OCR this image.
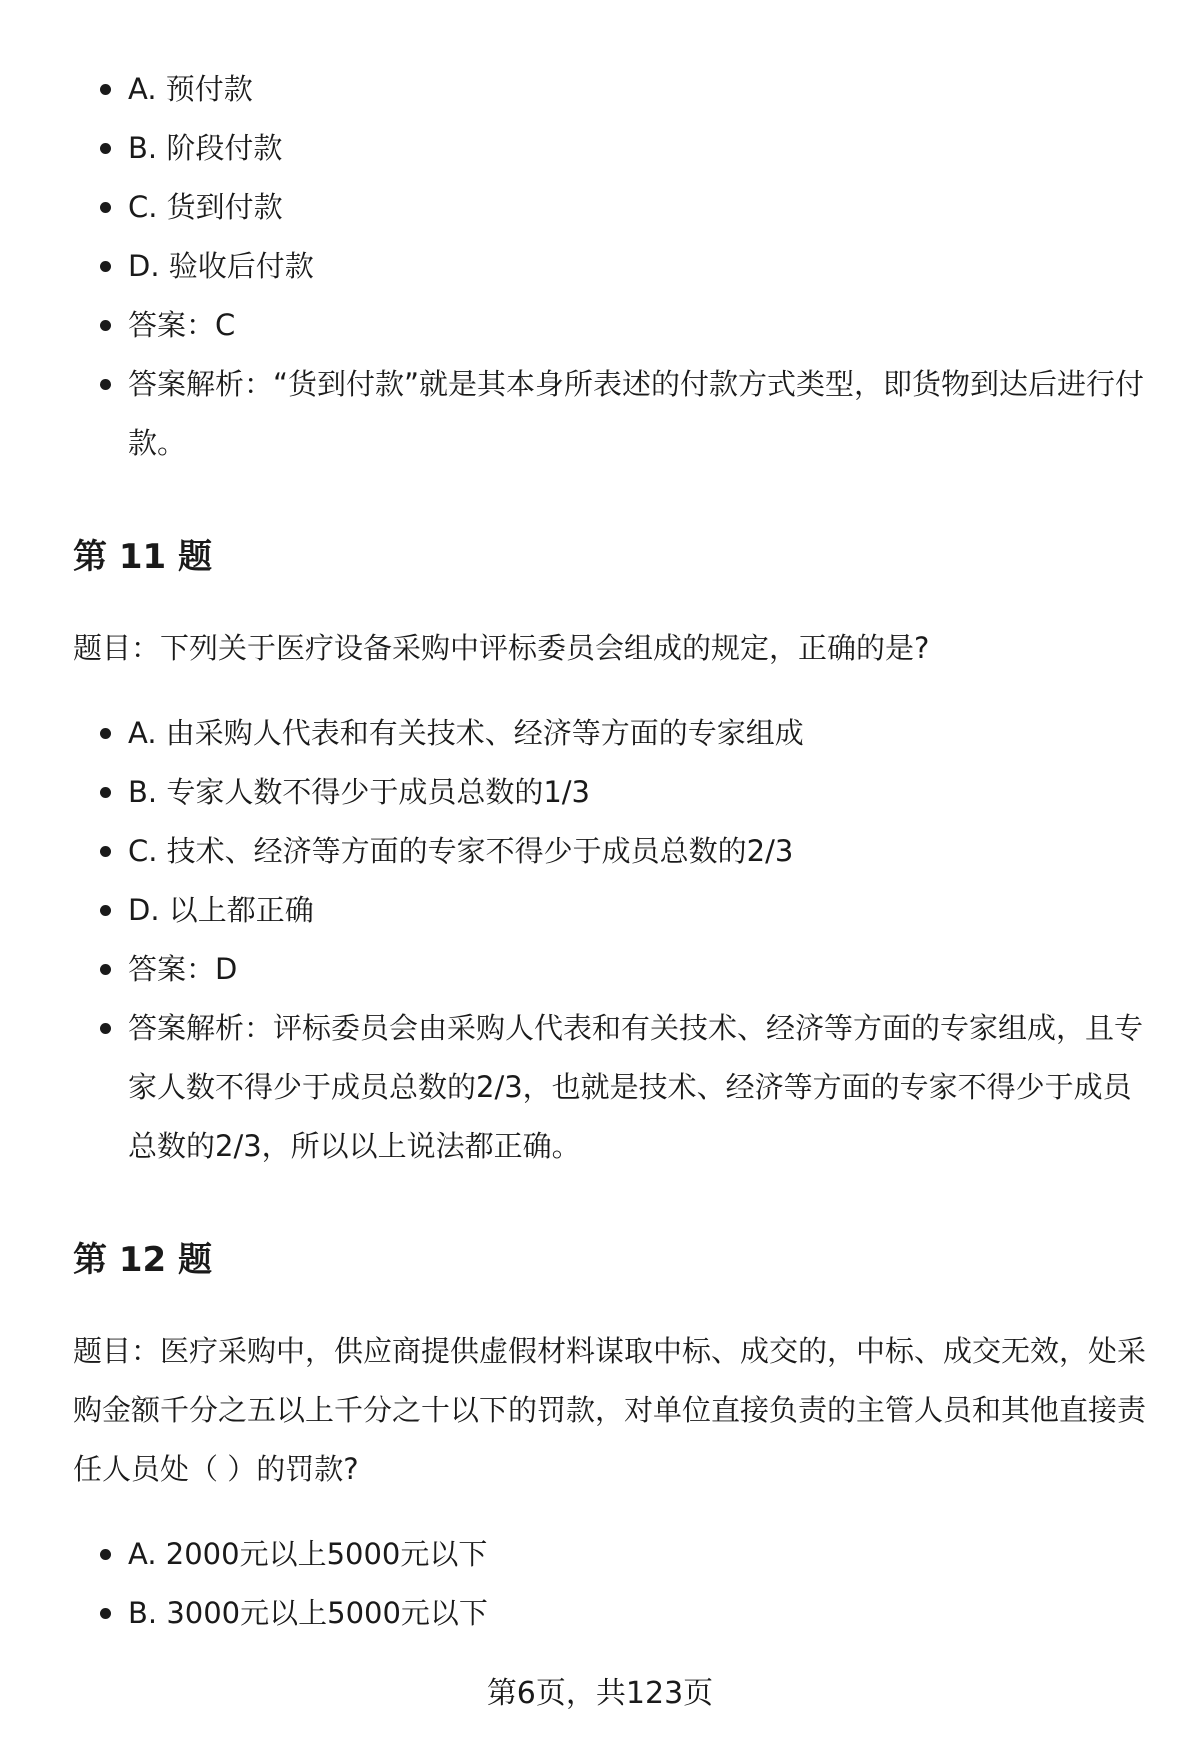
A. 预付款
B. 阶段付款
C. 货到付款
D. 验收后付款
答案：C
答案解析：“货到付款”就是其本身所表述的付款方式类型，即货物到达后进行付款。
第 11 题

题目：下列关于医疗设备采购中评标委员会组成的规定，正确的是?

A. 由采购人代表和有关技术、经济等方面的专家组成
B. 专家人数不得少于成员总数的1/3
C. 技术、经济等方面的专家不得少于成员总数的2/3
D. 以上都正确
答案：D
答案解析：评标委员会由采购人代表和有关技术、经济等方面的专家组成，且专家人数不得少于成员总数的2/3，也就是技术、经济等方面的专家不得少于成员总数的2/3，所以以上说法都正确。
第 12 题

题目：医疗采购中，供应商提供虚假材料谋取中标、成交的，中标、成交无效，处采购金额千分之五以上千分之十以下的罚款，对单位直接负责的主管人员和其他直接责任人员处（ ）的罚款?

A. 2000元以上5000元以下
B. 3000元以上5000元以下
第6页，共123页
